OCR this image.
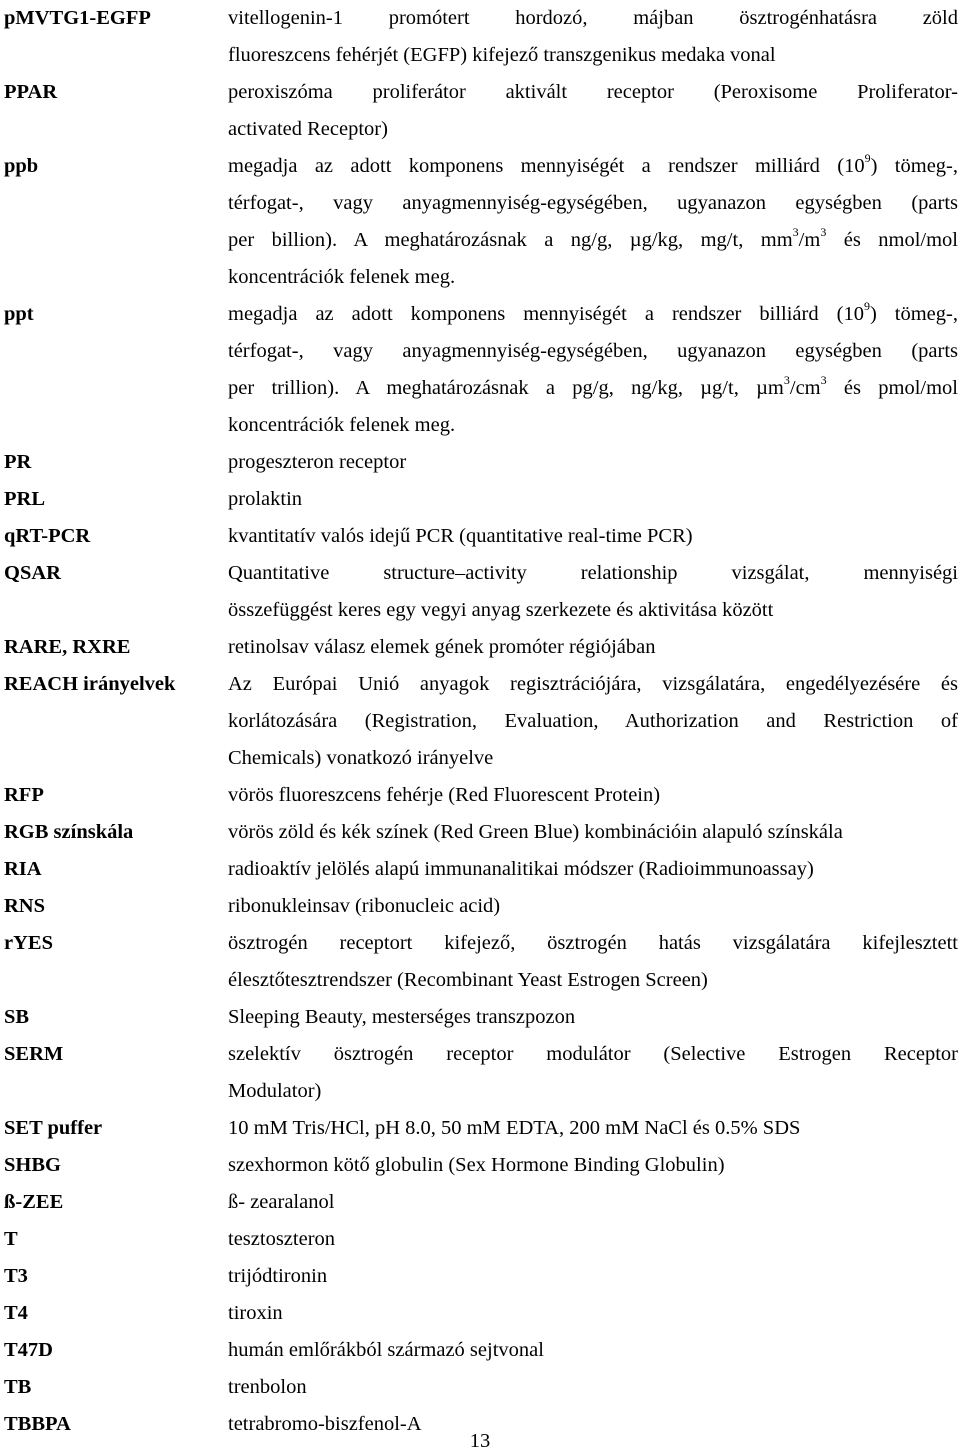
pMVTG1-EGFP	vitellogenin-1 promótert hordozó, májban ösztrogénhatásra zöld
fluoreszcens fehérjét (EGFP) kifejező transzgenikus medaka vonal
PPAR	peroxiszóma proliferátor aktivált receptor (Peroxisome Proliferator-
activated Receptor)
ppb	megadja az adott komponens mennyiségét a rendszer milliárd $(10^9)$ tömeg-,
térfogat-, vagy anyagmennyiség-egységében, ugyanazon egységben (parts
per billion). A meghatározásnak a ng/g, µg/kg, mg/t, $mm^3/m^3$ és nmol/mol
koncentrációk felenek meg.
ppt	megadja az adott komponens mennyiségét a rendszer billiárd $(10^9)$ tömeg-,
térfogat-, vagy anyagmennyiség-egységében, ugyanazon egységben (parts
per trillion). A meghatározásnak a pg/g, ng/kg, µg/t, $\mu m^3/cm^3$ és pmol/mol
koncentrációk felenek meg.
PR	progeszteron receptor
PRL	prolaktin
qRT-PCR	kvantitatív valós idejű PCR (quantitative real-time PCR)
QSAR	Quantitative structure–activity relationship vizsgálat, mennyiségi
összefüggést keres egy vegyi anyag szerkezete és aktivitása között
RARE, RXRE	retinolsav válasz elemek gének promóter régiójában
REACH irányelvek	Az Európai Unió anyagok regisztrációjára, vizsgálatára, engedélyezésére és
korlátozására (Registration, Evaluation, Authorization and Restriction of
Chemicals) vonatkozó irányelve
RFP	vörös fluoreszcens fehérje (Red Fluorescent Protein)
RGB színskála	vörös zöld és kék színek (Red Green Blue) kombinációin alapuló színskála
RIA	radioaktív jelölés alapú immunanalitikai módszer (Radioimmunoassay)
RNS	ribonukleinsav (ribonucleic acid)
rYES	ösztrogén receptort kifejező, ösztrogén hatás vizsgálatára kifejlesztett
élesztőtesztrendszer (Recombinant Yeast Estrogen Screen)
SB	Sleeping Beauty, mesterséges transzpozon
SERM	szelektív ösztrogén receptor modulátor (Selective Estrogen Receptor
Modulator)
SET puffer	10 mM Tris/HCl, pH 8.0, 50 mM EDTA, 200 mM NaCl és 0.5% SDS
SHBG	szexhormon kötő globulin (Sex Hormone Binding Globulin)
ß-ZEE	ß- zearalanol
T	tesztoszteron
T3	trijódtironin
T4	tiroxin
T47D	humán emlőrákból származó sejtvonal
TB	trenbolon
TBBPA	tetrabromo-biszfenol-A
13
